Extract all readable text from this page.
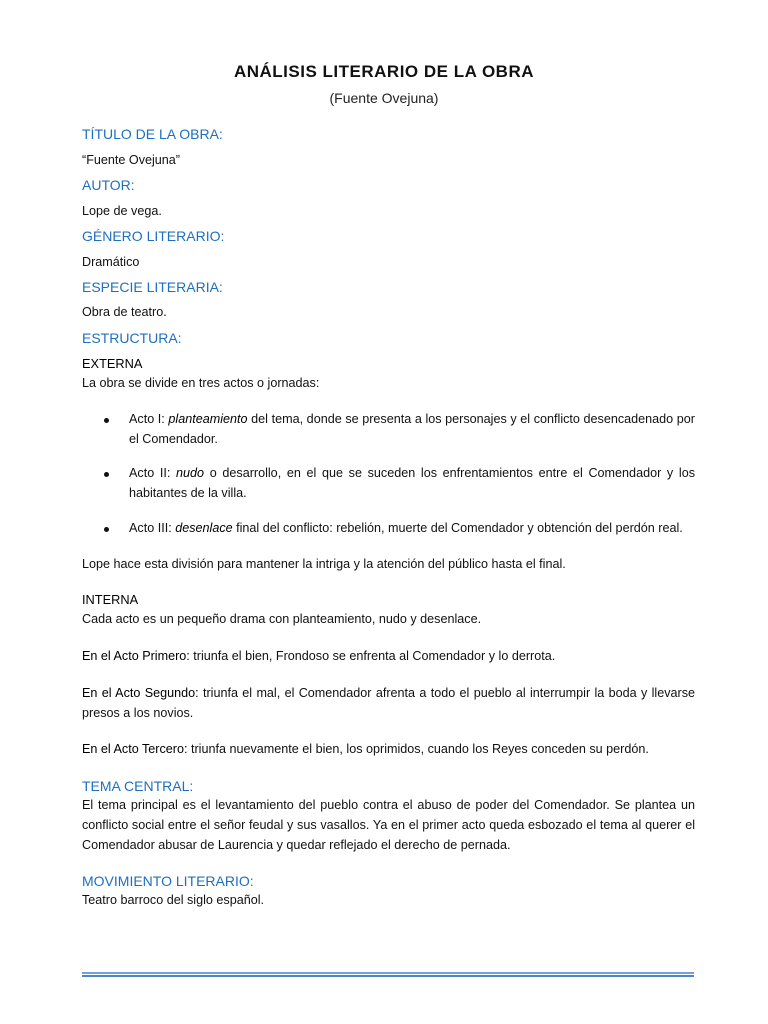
ANÁLISIS LITERARIO DE LA OBRA

(Fuente Ovejuna)

TÍTULO DE LA OBRA:

“Fuente Ovejuna”

AUTOR:

Lope de vega.

GÉNERO LITERARIO:

Dramático

ESPECIE LITERARIA:

Obra de teatro.

ESTRUCTURA:

EXTERNA

La obra se divide en tres actos o jornadas:

Acto I: planteamiento del tema, donde se presenta a los personajes y el conflicto desencadenado por el Comendador.

Acto II: nudo o desarrollo, en el que se suceden los enfrentamientos entre el Comendador y los habitantes de la villa.

Acto III: desenlace final del conflicto: rebelión, muerte del Comendador y obtención del perdón real.

Lope hace esta división para mantener la intriga y la atención del público hasta el final.

INTERNA

Cada acto es un pequeño drama con planteamiento, nudo y desenlace.

En el Acto Primero: triunfa el bien, Frondoso se enfrenta al Comendador y lo derrota.

En el Acto Segundo: triunfa el mal, el Comendador afrenta a todo el pueblo al interrumpir la boda y llevarse presos a los novios.

En el Acto Tercero: triunfa nuevamente el bien, los oprimidos, cuando los Reyes conceden su perdón.

TEMA CENTRAL:

El tema principal es el levantamiento del pueblo contra el abuso de poder del Comendador. Se plantea un conflicto social entre el señor feudal y sus vasallos. Ya en el primer acto queda esbozado el tema al querer el Comendador abusar de Laurencia y quedar reflejado el derecho de pernada.

MOVIMIENTO LITERARIO:

Teatro barroco del siglo español.
